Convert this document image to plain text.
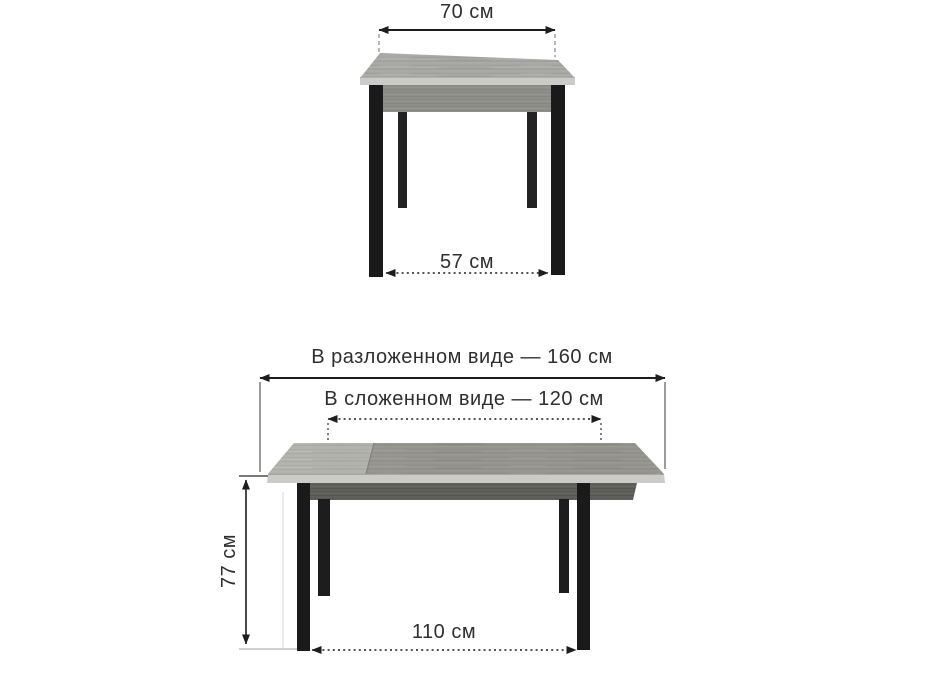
70 см
57 см
В разложенном виде — 160 см
В сложенном виде — 120 см
77 см
110 см
